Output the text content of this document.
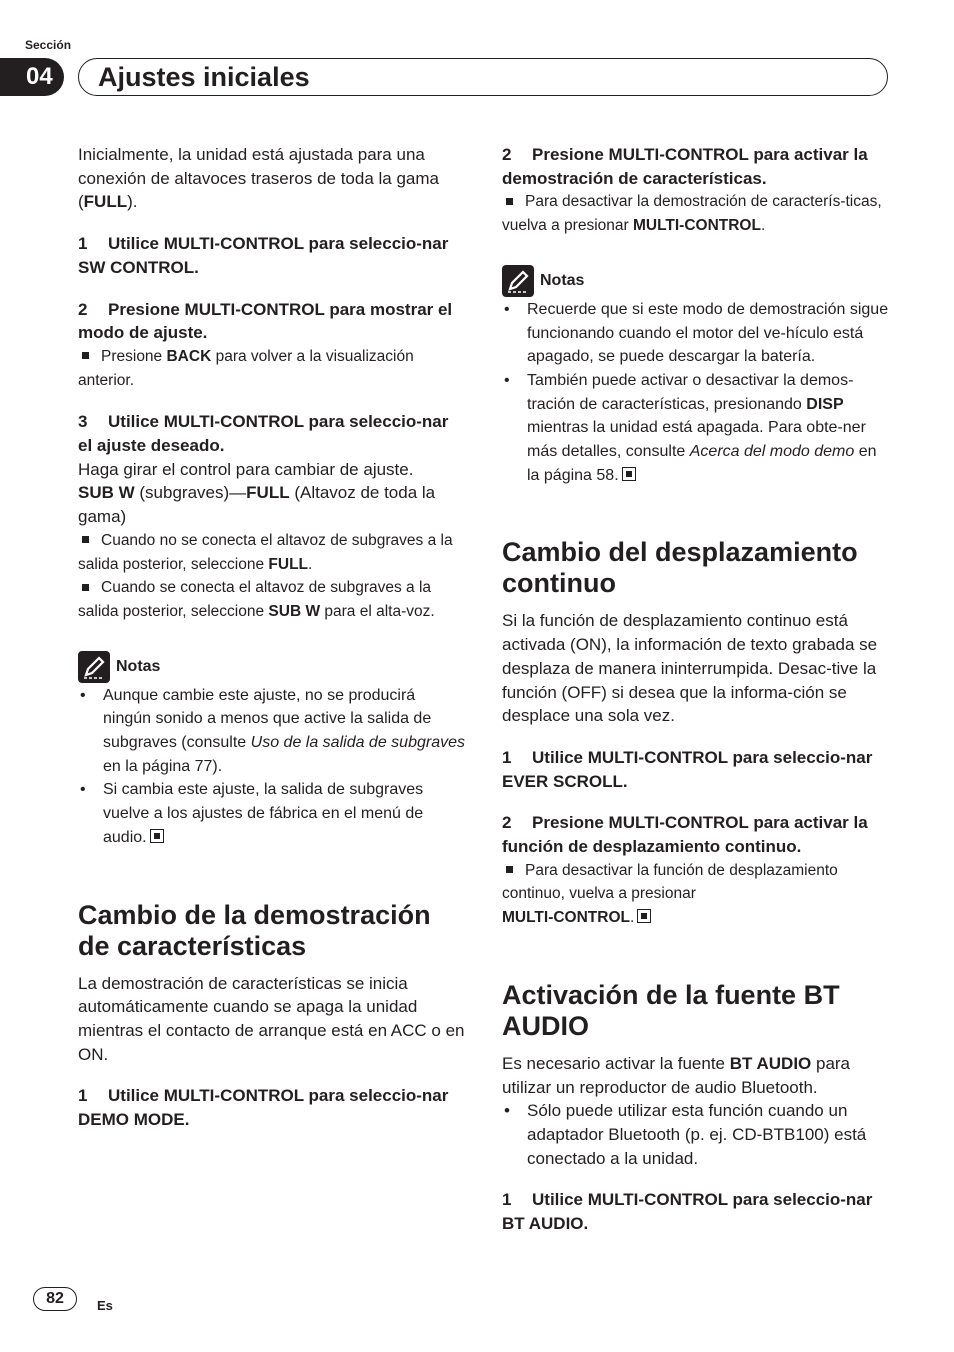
Sección
04	Ajustes iniciales

Inicialmente, la unidad está ajustada para una conexión de altavoces traseros de toda la gama (FULL).

1 Utilice MULTI-CONTROL para seleccio-nar SW CONTROL.

2 Presione MULTI-CONTROL para mostrar el modo de ajuste.

Presione BACK para volver a la visualización anterior.

3 Utilice MULTI-CONTROL para seleccio-nar el ajuste deseado.

Haga girar el control para cambiar de ajuste.
SUB W (subgraves)—FULL (Altavoz de toda la gama)

Cuando no se conecta el altavoz de subgraves a la salida posterior, seleccione FULL.

Cuando se conecta el altavoz de subgraves a la salida posterior, seleccione SUB W para el alta-voz.

Notas
• Aunque cambie este ajuste, no se producirá ningún sonido a menos que active la salida de subgraves (consulte Uso de la salida de subgraves en la página 77).
• Si cambia este ajuste, la salida de subgraves vuelve a los ajustes de fábrica en el menú de audio.
Cambio de la demostración de características

La demostración de características se inicia automáticamente cuando se apaga la unidad mientras el contacto de arranque está en ACC o en ON.

1 Utilice MULTI-CONTROL para seleccio-nar DEMO MODE.

2 Presione MULTI-CONTROL para activar la demostración de características.

Para desactivar la demostración de caracterís-ticas, vuelva a presionar MULTI-CONTROL.

Notas
• Recuerde que si este modo de demostración sigue funcionando cuando el motor del ve-hículo está apagado, se puede descargar la batería.
• También puede activar o desactivar la demos-tración de características, presionando DISP mientras la unidad está apagada. Para obte-ner más detalles, consulte Acerca del modo demo en la página 58.
Cambio del desplazamiento continuo

Si la función de desplazamiento continuo está activada (ON), la información de texto grabada se desplaza de manera ininterrumpida. Desac-tive la función (OFF) si desea que la informa-ción se desplace una sola vez.

1 Utilice MULTI-CONTROL para seleccio-nar EVER SCROLL.

2 Presione MULTI-CONTROL para activar la función de desplazamiento continuo.

Para desactivar la función de desplazamiento continuo, vuelva a presionar
MULTI-CONTROL.

Activación de la fuente BT AUDIO

Es necesario activar la fuente BT AUDIO para utilizar un reproductor de audio Bluetooth.

• Sólo puede utilizar esta función cuando un adaptador Bluetooth (p. ej. CD-BTB100) está conectado a la unidad.

1 Utilice MULTI-CONTROL para seleccio-nar BT AUDIO.

82	Es
